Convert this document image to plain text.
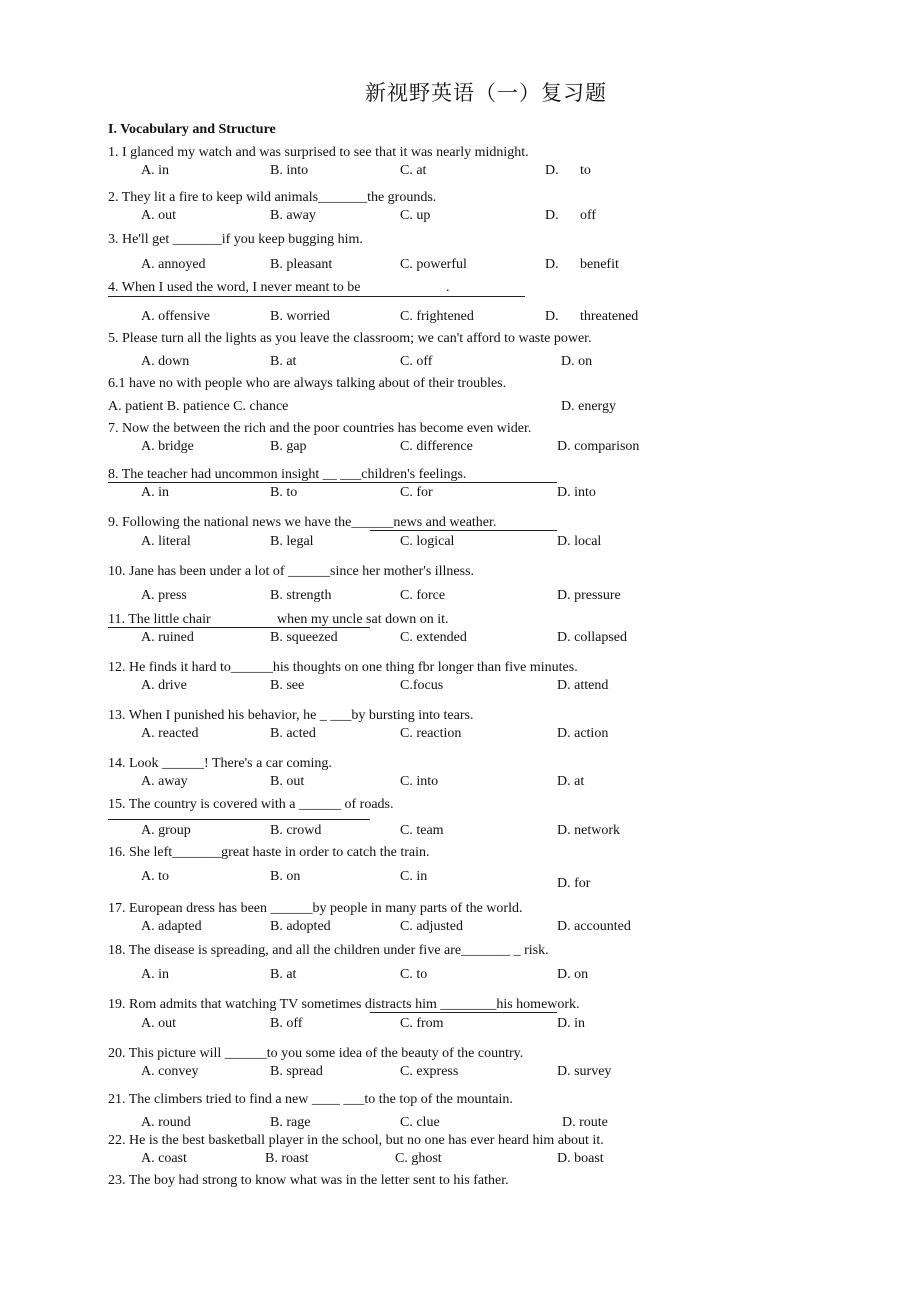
新视野英语（一）复习题
I. Vocabulary and Structure
1. I glanced my watch and was surprised to see that it was nearly midnight.
A. in	B. into	C. at	D. to
2. They lit a fire to keep wild animals_______the grounds.
A. out	B. away	C. up	D. off
3. He'll get _______if you keep bugging him.
A. annoyed	B. pleasant	C. powerful	D. benefit
4. When I used the word, I never meant to be	.
A. offensive	B. worried	C. frightened	D. threatened
5. Please turn all the lights as you leave the classroom; we can't afford to waste power.
A. down	B. at	C. off	D. on
6.1 have no with people who are always talking about of their troubles.
A. patient B. patience C. chance	D. energy
7. Now the between the rich and the poor countries has become even wider.
A. bridge	B. gap	C. difference	D. comparison
8. The teacher had uncommon insight __ ___children's feelings.
A. in	B. to	C. for	D. into
9. Following the national news we have the______news and weather.
A. literal	B. legal	C. logical	D. local
10. Jane has been under a lot of ______since her mother's illness.
A. press	B. strength	C. force	D. pressure
11. The little chair	when my uncle sat down on it.
A. ruined	B. squeezed	C. extended	D. collapsed
12. He finds it hard to______his thoughts on one thing fbr longer than five minutes.
A. drive	B. see	C.focus	D. attend
13. When I punished his behavior, he _ ___by bursting into tears.
A. reacted	B. acted	C. reaction	D. action
14. Look ______! There's a car coming.
A. away	B. out	C. into	D. at
15. The country is covered with a ______ of roads.
A. group	B. crowd	C. team	D. network
16. She left_______great haste in order to catch the train.
A. to	B. on	C. in	D. for
17. European dress has been ______by people in many parts of the world.
A. adapted	B. adopted	C. adjusted	D. accounted
18. The disease is spreading, and all the children under five are_______ _ risk.
A. in	B. at	C. to	D. on
19. Rom admits that watching TV sometimes distracts him ________his homework.
A. out	B. off	C. from	D. in
20. This picture will ______to you some idea of the beauty of the country.
A. convey	B. spread	C. express	D. survey
21. The climbers tried to find a new ____ ___to the top of the mountain.
A. round	B. rage	C. clue	D. route
22. He is the best basketball player in the school, but no one has ever heard him about it.
A. coast	B. roast	C. ghost	D. boast
23. The boy had strong to know what was in the letter sent to his father.
